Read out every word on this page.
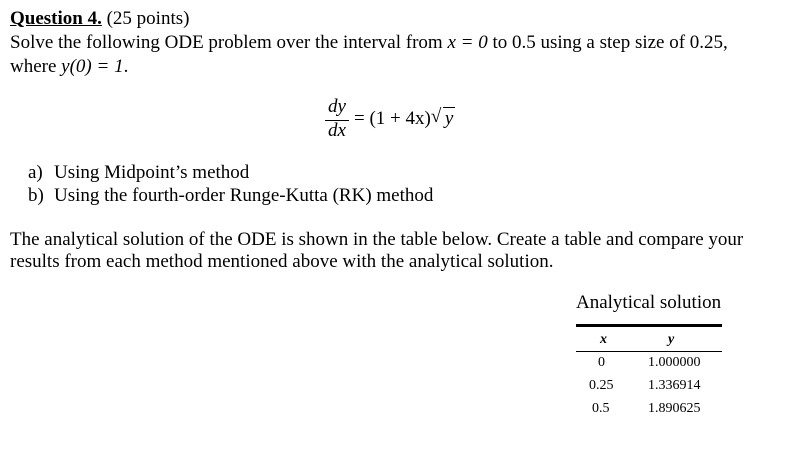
Question 4. (25 points)
Solve the following ODE problem over the interval from x = 0 to 0.5 using a step size of 0.25,
where y(0) = 1.
dy
dx
= (1 + 4x) √ y
a) Using Midpoint’s method
b) Using the fourth-order Runge-Kutta (RK) method
The analytical solution of the ODE is shown in the table below. Create a table and compare your
results from each method mentioned above with the analytical solution.
Analytical solution
x	y
0	1.000000
0.25 1.336914
0.5	1.890625
